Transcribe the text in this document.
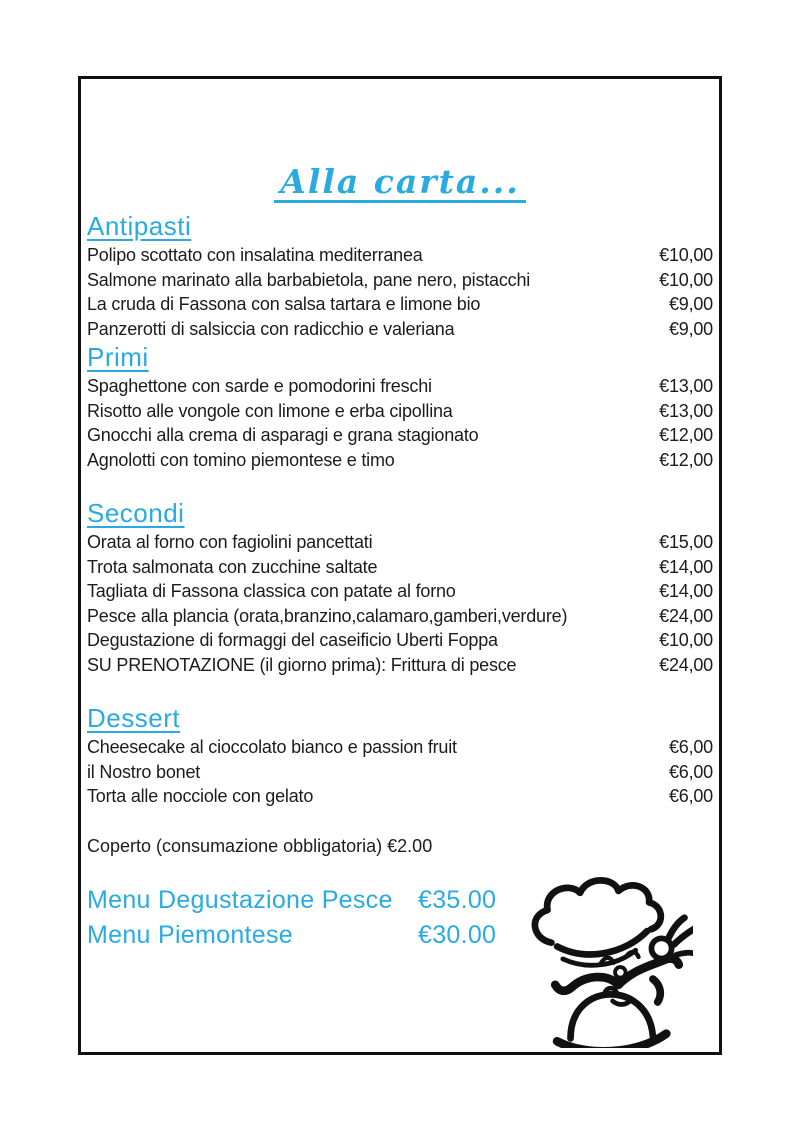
Alla carta...
Antipasti
Polipo scottato con insalatina mediterranea	€10,00
Salmone marinato alla barbabietola, pane nero, pistacchi	€10,00
La cruda di Fassona con salsa tartara e limone bio	€9,00
Panzerotti di salsiccia con radicchio e valeriana	€9,00
Primi
Spaghettone con sarde e pomodorini freschi	€13,00
Risotto alle vongole con limone e erba cipollina	€13,00
Gnocchi alla crema di asparagi e grana stagionato	€12,00
Agnolotti con tomino piemontese e timo	€12,00
Secondi
Orata al forno con fagiolini pancettati	€15,00
Trota salmonata con zucchine saltate	€14,00
Tagliata di Fassona classica con patate al forno	€14,00
Pesce alla plancia (orata,branzino,calamaro,gamberi,verdure)	€24,00
Degustazione di formaggi del caseificio Uberti Foppa	€10,00
SU PRENOTAZIONE (il giorno prima): Frittura di pesce	€24,00
Dessert
Cheesecake al cioccolato bianco e passion fruit	€6,00
il Nostro bonet	€6,00
Torta alle nocciole con gelato	€6,00
Coperto (consumazione obbligatoria) €2.00
Menu Degustazione Pesce	€35.00
Menu Piemontese	€30.00
